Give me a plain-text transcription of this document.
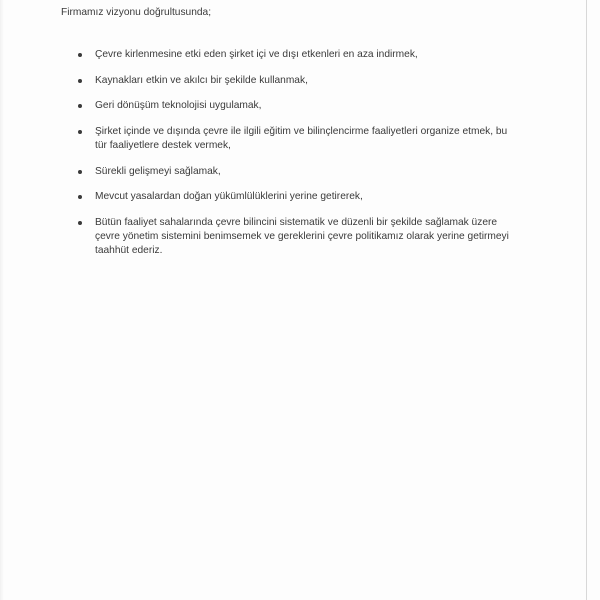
Firmamız vizyonu doğrultusunda;

Çevre kirlenmesine etki eden şirket içi ve dışı etkenleri en aza indirmek,

Kaynakları etkin ve akılcı bir şekilde kullanmak,

Geri dönüşüm teknolojisi uygulamak,

Şirket içinde ve dışında çevre ile ilgili eğitim ve bilinçlencirme faaliyetleri organize etmek, bu tür faaliyetlere destek vermek,

Sürekli gelişmeyi sağlamak,

Mevcut yasalardan doğan yükümlülüklerini yerine getirerek,

Bütün faaliyet sahalarında çevre bilincini sistematik ve düzenli bir şekilde sağlamak üzere çevre yönetim sistemini benimsemek ve gereklerini çevre politikamız olarak yerine getirmeyi taahhüt ederiz.
